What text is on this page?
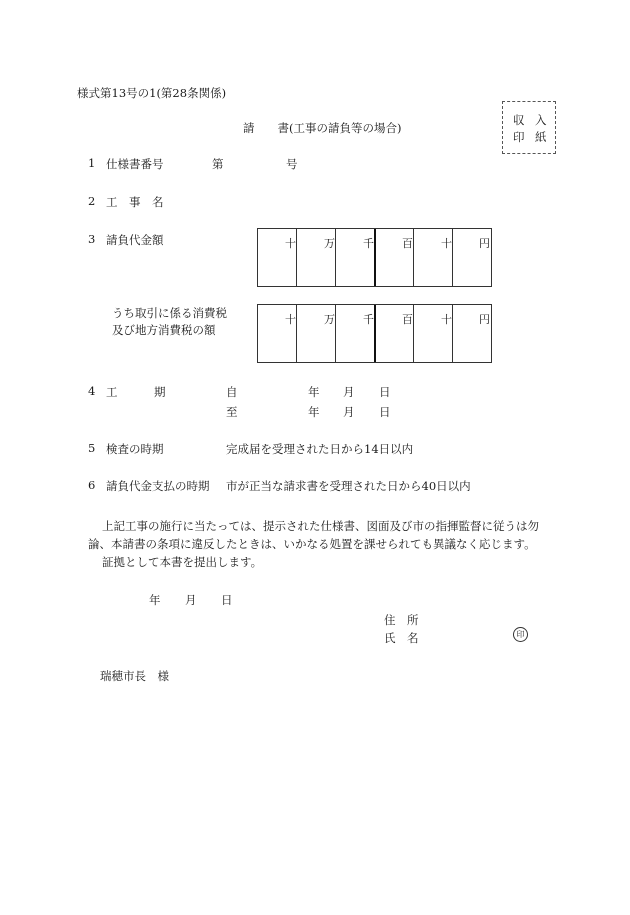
様式第13号の1(第28条関係)
収 入
印 紙
請　　書(工事の請負等の場合)
1 仕様書番号	第	号
2 工　事　名
3 請負代金額	十	万	千	百	十 円
うち取引に係る消費税
及び地方消費税の額
十	万	千	百	十 円
4 工	期	自	年 月 日
至	年 月 日
5 検査の時期	完成届を受理された日から14日以内
6 請負代金支払の時期 市が正当な請求書を受理された日から40日以内
上記工事の施行に当たっては、提示された仕様書、図面及び市の指揮監督に従うは勿
論、本請書の条項に違反したときは、いかなる処置を課せられても異議なく応じます。
証拠として本書を提出します。
年 月 日
住　所
氏　名	印
瑞穂市長　様
